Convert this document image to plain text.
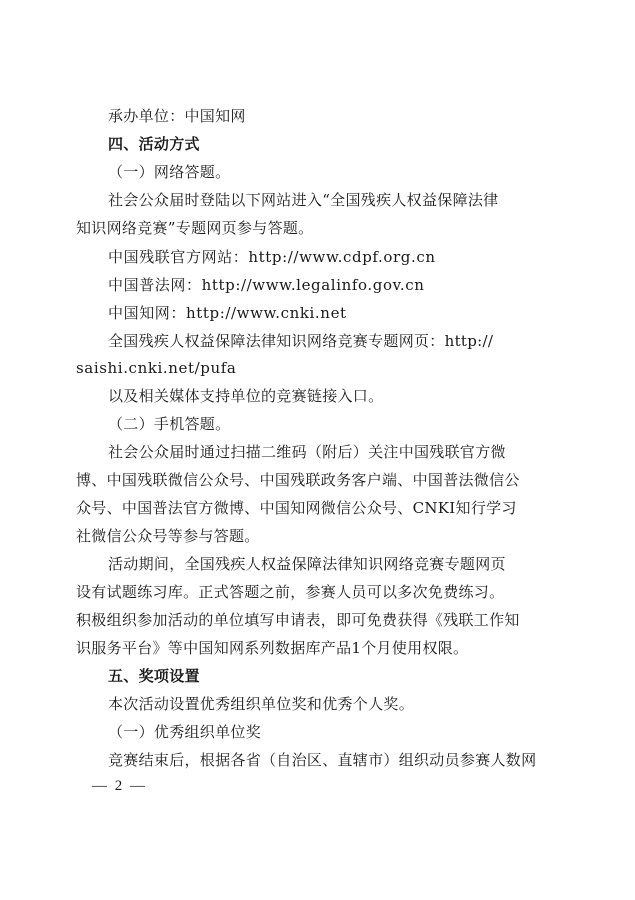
承办单位：中国知网
四、活动方式
（一）网络答题。
社会公众届时登陆以下网站进入“全国残疾人权益保障法律
知识网络竞赛”专题网页参与答题。
中国残联官方网站：http://www.cdpf.org.cn
中国普法网：http://www.legalinfo.gov.cn
中国知网：http://www.cnki.net
全国残疾人权益保障法律知识网络竞赛专题网页：http://
saishi.cnki.net/pufa
以及相关媒体支持单位的竞赛链接入口。
（二）手机答题。
社会公众届时通过扫描二维码（附后）关注中国残联官方微
博、中国残联微信公众号、中国残联政务客户端、中国普法微信公
众号、中国普法官方微博、中国知网微信公众号、CNKI知行学习
社微信公众号等参与答题。
活动期间，全国残疾人权益保障法律知识网络竞赛专题网页
设有试题练习库。正式答题之前，参赛人员可以多次免费练习。
积极组织参加活动的单位填写申请表，即可免费获得《残联工作知
识服务平台》等中国知网系列数据库产品1个月使用权限。
五、奖项设置
本次活动设置优秀组织单位奖和优秀个人奖。
（一）优秀组织单位奖
竞赛结束后，根据各省（自治区、直辖市）组织动员参赛人数网
— 2 —
